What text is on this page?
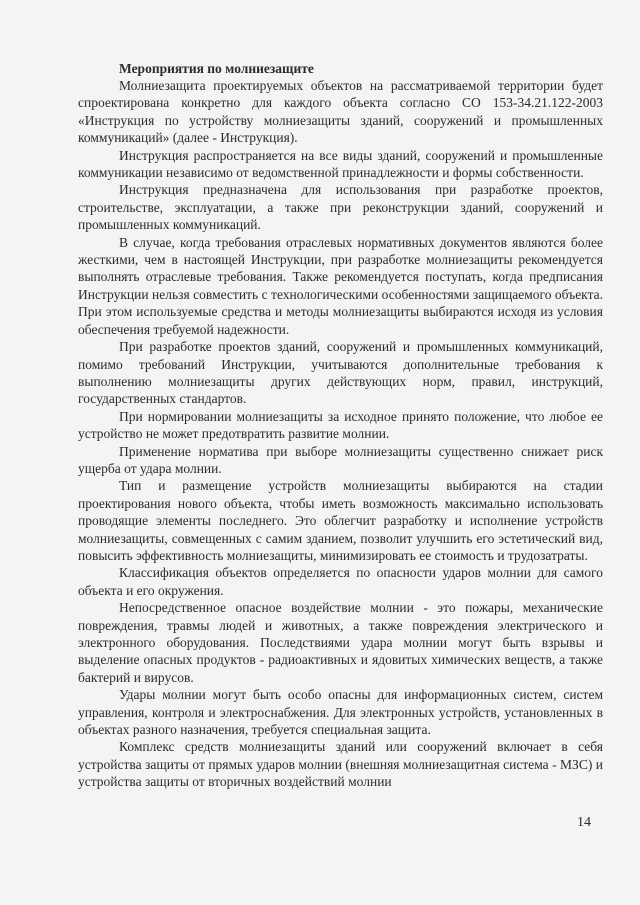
Мероприятия по молниезащите

Молниезащита проектируемых объектов на рассматриваемой территории будет спроектирована конкретно для каждого объекта согласно СО 153-34.21.122-2003 «Инструкция по устройству молниезащиты зданий, сооружений и промышленных коммуникаций» (далее - Инструкция).

Инструкция распространяется на все виды зданий, сооружений и промышленные коммуникации независимо от ведомственной принадлежности и формы собственности.

Инструкция предназначена для использования при разработке проектов, строительстве, эксплуатации, а также при реконструкции зданий, сооружений и промышленных коммуникаций.

В случае, когда требования отраслевых нормативных документов являются более жесткими, чем в настоящей Инструкции, при разработке молниезащиты рекомендуется выполнять отраслевые требования. Также рекомендуется поступать, когда предписания Инструкции нельзя совместить с технологическими особенностями защищаемого объекта. При этом используемые средства и методы молниезащиты выбираются исходя из условия обеспечения требуемой надежности.

При разработке проектов зданий, сооружений и промышленных коммуникаций, помимо требований Инструкции, учитываются дополнительные требования к выполнению молниезащиты других действующих норм, правил, инструкций, государственных стандартов.

При нормировании молниезащиты за исходное принято положение, что любое ее устройство не может предотвратить развитие молнии.

Применение норматива при выборе молниезащиты существенно снижает риск ущерба от удара молнии.

Тип и размещение устройств молниезащиты выбираются на стадии проектирования нового объекта, чтобы иметь возможность максимально использовать проводящие элементы последнего. Это облегчит разработку и исполнение устройств молниезащиты, совмещенных с самим зданием, позволит улучшить его эстетический вид, повысить эффективность молниезащиты, минимизировать ее стоимость и трудозатраты.

Классификация объектов определяется по опасности ударов молнии для самого объекта и его окружения.

Непосредственное опасное воздействие молнии - это пожары, механические повреждения, травмы людей и животных, а также повреждения электрического и электронного оборудования. Последствиями удара молнии могут быть взрывы и выделение опасных продуктов - радиоактивных и ядовитых химических веществ, а также бактерий и вирусов.

Удары молнии могут быть особо опасны для информационных систем, систем управления, контроля и электроснабжения. Для электронных устройств, установленных в объектах разного назначения, требуется специальная защита.

Комплекс средств молниезащиты зданий или сооружений включает в себя устройства защиты от прямых ударов молнии (внешняя молниезащитная система - МЗС) и устройства защиты от вторичных воздействий молнии

14
